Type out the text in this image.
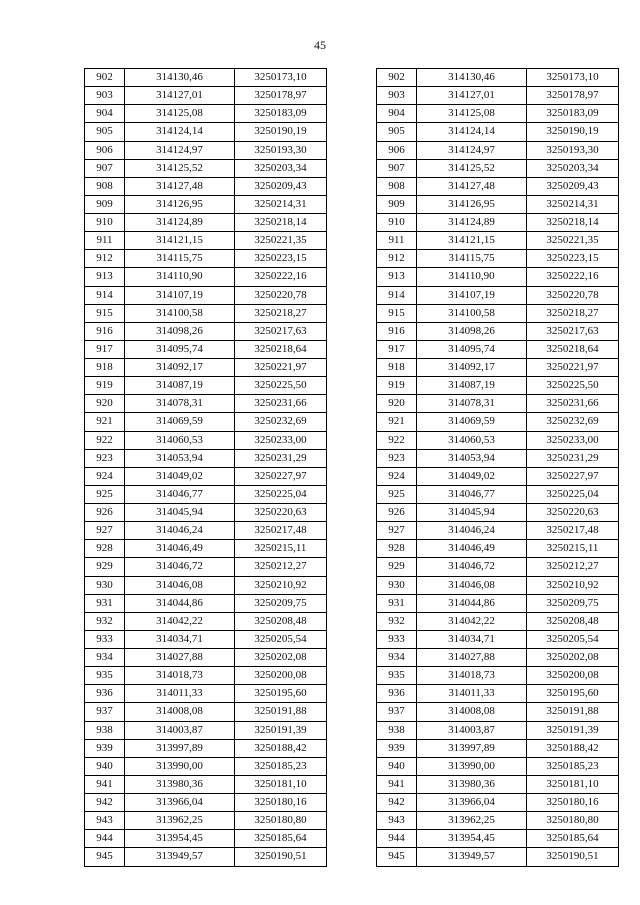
45
902	314130,46	3250173,10
903	314127,01	3250178,97
904	314125,08	3250183,09
905	314124,14	3250190,19
906	314124,97	3250193,30
907	314125,52	3250203,34
908	314127,48	3250209,43
909	314126,95	3250214,31
910	314124,89	3250218,14
911	314121,15	3250221,35
912	314115,75	3250223,15
913	314110,90	3250222,16
914	314107,19	3250220,78
915	314100,58	3250218,27
916	314098,26	3250217,63
917	314095,74	3250218,64
918	314092,17	3250221,97
919	314087,19	3250225,50
920	314078,31	3250231,66
921	314069,59	3250232,69
922	314060,53	3250233,00
923	314053,94	3250231,29
924	314049,02	3250227,97
925	314046,77	3250225,04
926	314045,94	3250220,63
927	314046,24	3250217,48
928	314046,49	3250215,11
929	314046,72	3250212,27
930	314046,08	3250210,92
931	314044,86	3250209,75
932	314042,22	3250208,48
933	314034,71	3250205,54
934	314027,88	3250202,08
935	314018,73	3250200,08
936	314011,33	3250195,60
937	314008,08	3250191,88
938	314003,87	3250191,39
939	313997,89	3250188,42
940	313990,00	3250185,23
941	313980,36	3250181,10
942	313966,04	3250180,16
943	313962,25	3250180,80
944	313954,45	3250185,64
945	313949,57	3250190,51
902	314130,46	3250173,10
903	314127,01	3250178,97
904	314125,08	3250183,09
905	314124,14	3250190,19
906	314124,97	3250193,30
907	314125,52	3250203,34
908	314127,48	3250209,43
909	314126,95	3250214,31
910	314124,89	3250218,14
911	314121,15	3250221,35
912	314115,75	3250223,15
913	314110,90	3250222,16
914	314107,19	3250220,78
915	314100,58	3250218,27
916	314098,26	3250217,63
917	314095,74	3250218,64
918	314092,17	3250221,97
919	314087,19	3250225,50
920	314078,31	3250231,66
921	314069,59	3250232,69
922	314060,53	3250233,00
923	314053,94	3250231,29
924	314049,02	3250227,97
925	314046,77	3250225,04
926	314045,94	3250220,63
927	314046,24	3250217,48
928	314046,49	3250215,11
929	314046,72	3250212,27
930	314046,08	3250210,92
931	314044,86	3250209,75
932	314042,22	3250208,48
933	314034,71	3250205,54
934	314027,88	3250202,08
935	314018,73	3250200,08
936	314011,33	3250195,60
937	314008,08	3250191,88
938	314003,87	3250191,39
939	313997,89	3250188,42
940	313990,00	3250185,23
941	313980,36	3250181,10
942	313966,04	3250180,16
943	313962,25	3250180,80
944	313954,45	3250185,64
945	313949,57	3250190,51
